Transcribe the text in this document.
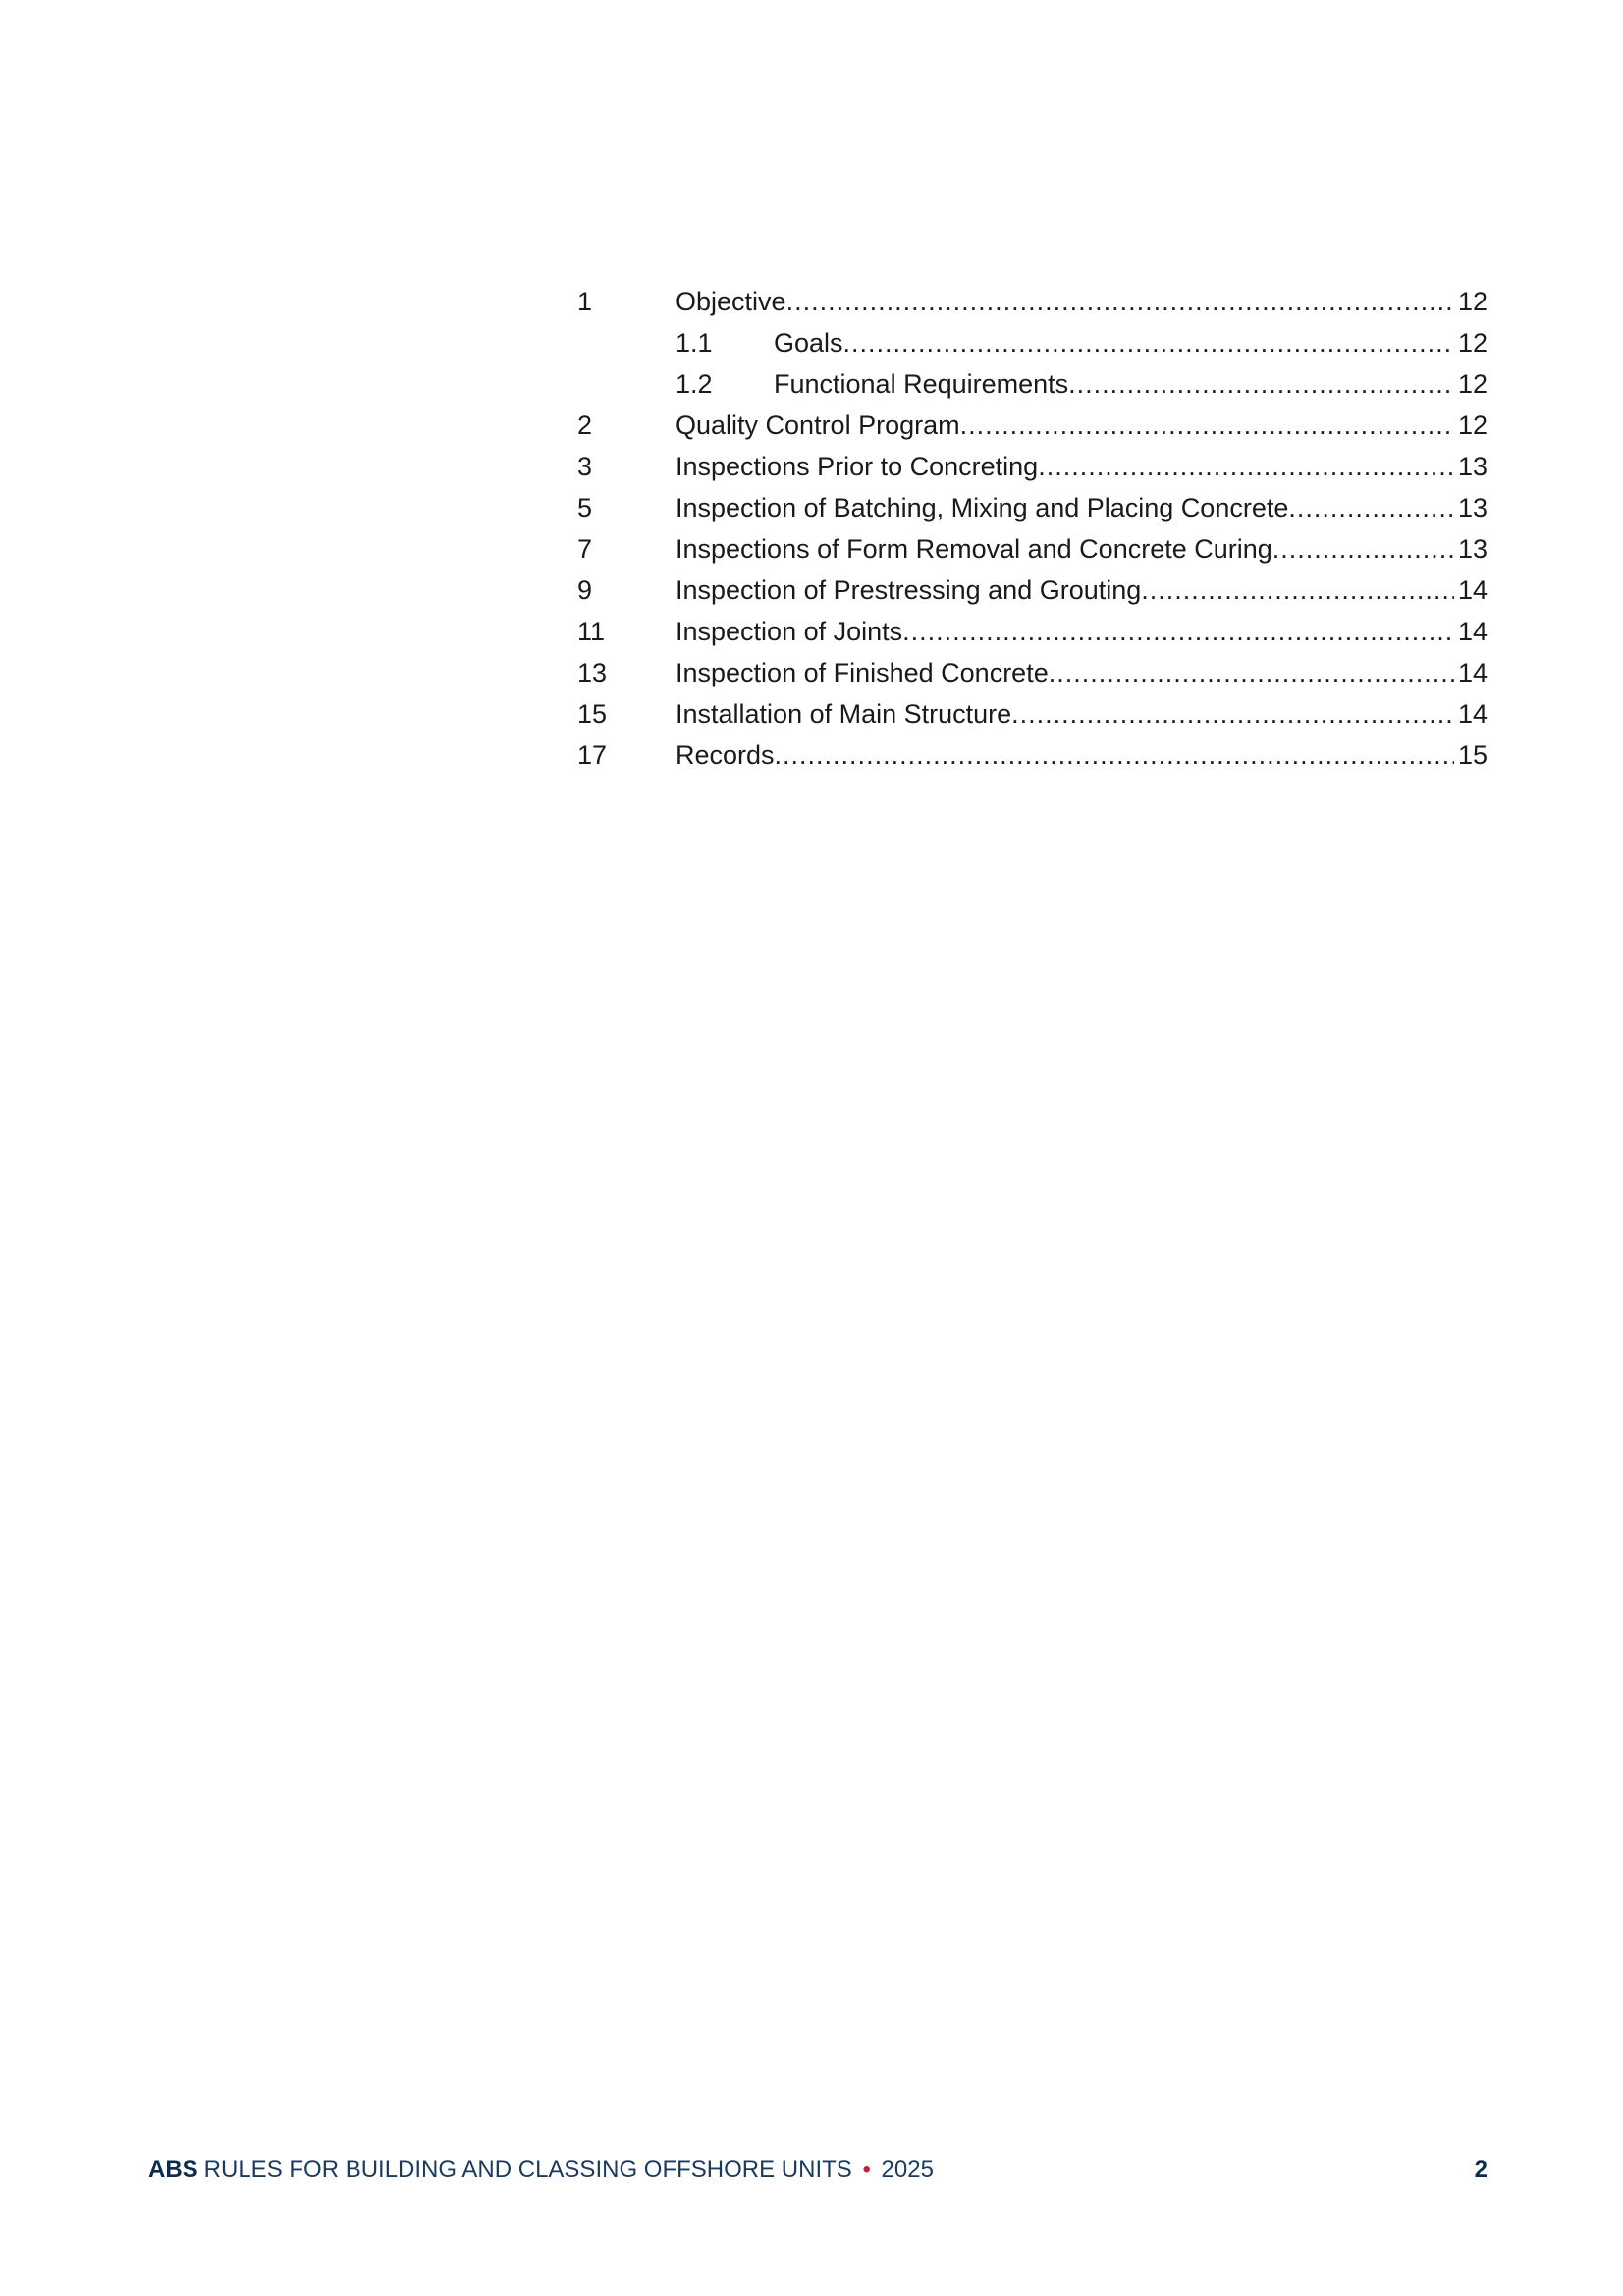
1	Objective .....	12
1.1 Goals .....	12
1.2 Functional Requirements .....	12
2	Quality Control Program .....	12
3	Inspections Prior to Concreting .....	13
5	Inspection of Batching, Mixing and Placing Concrete .....	13
7	Inspections of Form Removal and Concrete Curing .....	13
9	Inspection of Prestressing and Grouting .....	14
11	Inspection of Joints .....	14
13	Inspection of Finished Concrete .....	14
15	Installation of Main Structure .....	14
17	Records .....	15
ABS RULES FOR BUILDING AND CLASSING OFFSHORE UNITS • 2025	2
